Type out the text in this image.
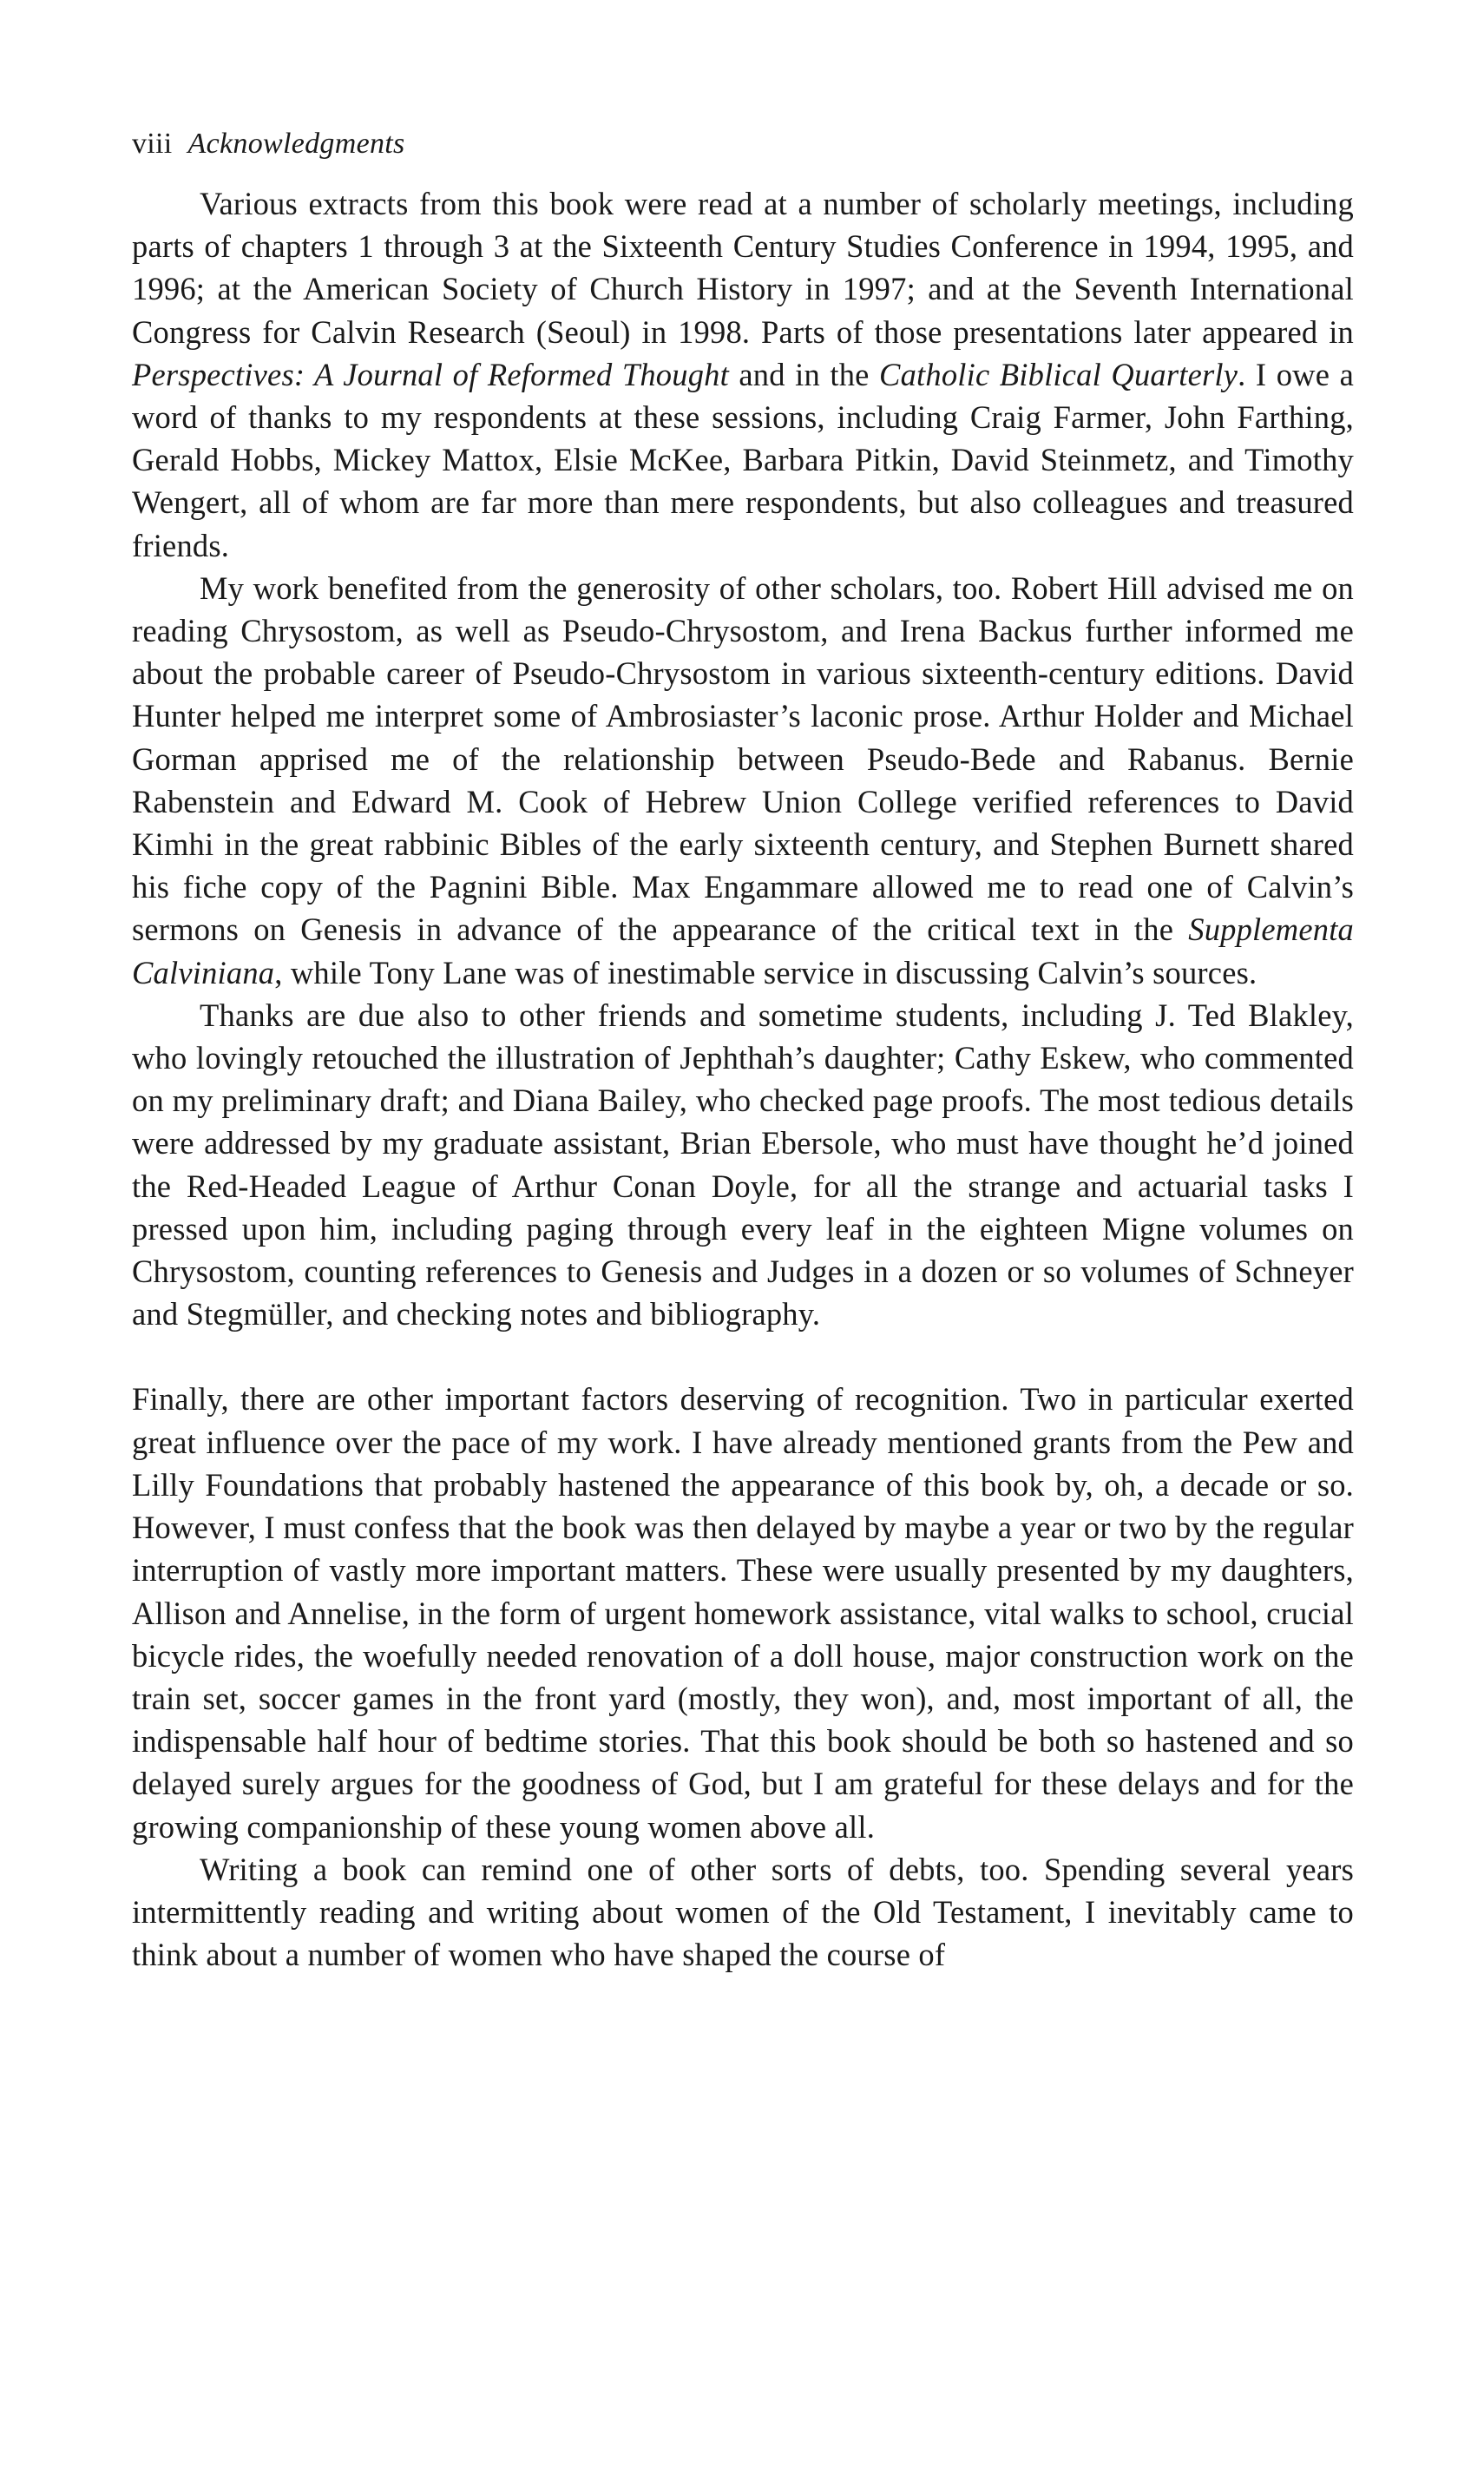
viii Acknowledgments

Various extracts from this book were read at a number of scholarly meetings, including parts of chapters 1 through 3 at the Sixteenth Century Studies Conference in 1994, 1995, and 1996; at the American Society of Church History in 1997; and at the Seventh International Congress for Calvin Research (Seoul) in 1998. Parts of those presentations later appeared in Perspectives: A Journal of Reformed Thought and in the Catholic Biblical Quarterly. I owe a word of thanks to my respondents at these sessions, including Craig Farmer, John Farthing, Gerald Hobbs, Mickey Mattox, Elsie McKee, Barbara Pitkin, David Steinmetz, and Timothy Wengert, all of whom are far more than mere respondents, but also colleagues and treasured friends.

My work benefited from the generosity of other scholars, too. Robert Hill advised me on reading Chrysostom, as well as Pseudo-Chrysostom, and Irena Backus further informed me about the probable career of Pseudo-Chrysostom in various sixteenth-century editions. David Hunter helped me interpret some of Ambrosiaster’s laconic prose. Arthur Holder and Michael Gorman apprised me of the relationship between Pseudo-Bede and Rabanus. Bernie Rabenstein and Edward M. Cook of Hebrew Union College verified references to David Kimhi in the great rabbinic Bibles of the early sixteenth century, and Stephen Burnett shared his fiche copy of the Pagnini Bible. Max Engammare allowed me to read one of Calvin’s sermons on Genesis in advance of the appearance of the critical text in the Supplementa Calviniana, while Tony Lane was of inestimable service in discussing Calvin’s sources.

Thanks are due also to other friends and sometime students, including J. Ted Blakley, who lovingly retouched the illustration of Jephthah’s daughter; Cathy Eskew, who commented on my preliminary draft; and Diana Bailey, who checked page proofs. The most tedious details were addressed by my graduate assistant, Brian Ebersole, who must have thought he’d joined the Red-Headed League of Arthur Conan Doyle, for all the strange and actuarial tasks I pressed upon him, including paging through every leaf in the eighteen Migne volumes on Chrysostom, counting references to Genesis and Judges in a dozen or so volumes of Schneyer and Stegmüller, and checking notes and bibliography.

Finally, there are other important factors deserving of recognition. Two in particular exerted great influence over the pace of my work. I have already mentioned grants from the Pew and Lilly Foundations that probably hastened the appearance of this book by, oh, a decade or so. However, I must confess that the book was then delayed by maybe a year or two by the regular interruption of vastly more important matters. These were usually presented by my daughters, Allison and Annelise, in the form of urgent homework assistance, vital walks to school, crucial bicycle rides, the woefully needed renovation of a doll house, major construction work on the train set, soccer games in the front yard (mostly, they won), and, most important of all, the indispensable half hour of bedtime stories. That this book should be both so hastened and so delayed surely argues for the goodness of God, but I am grateful for these delays and for the growing companionship of these young women above all.

Writing a book can remind one of other sorts of debts, too. Spending several years intermittently reading and writing about women of the Old Testament, I inevitably came to think about a number of women who have shaped the course of
